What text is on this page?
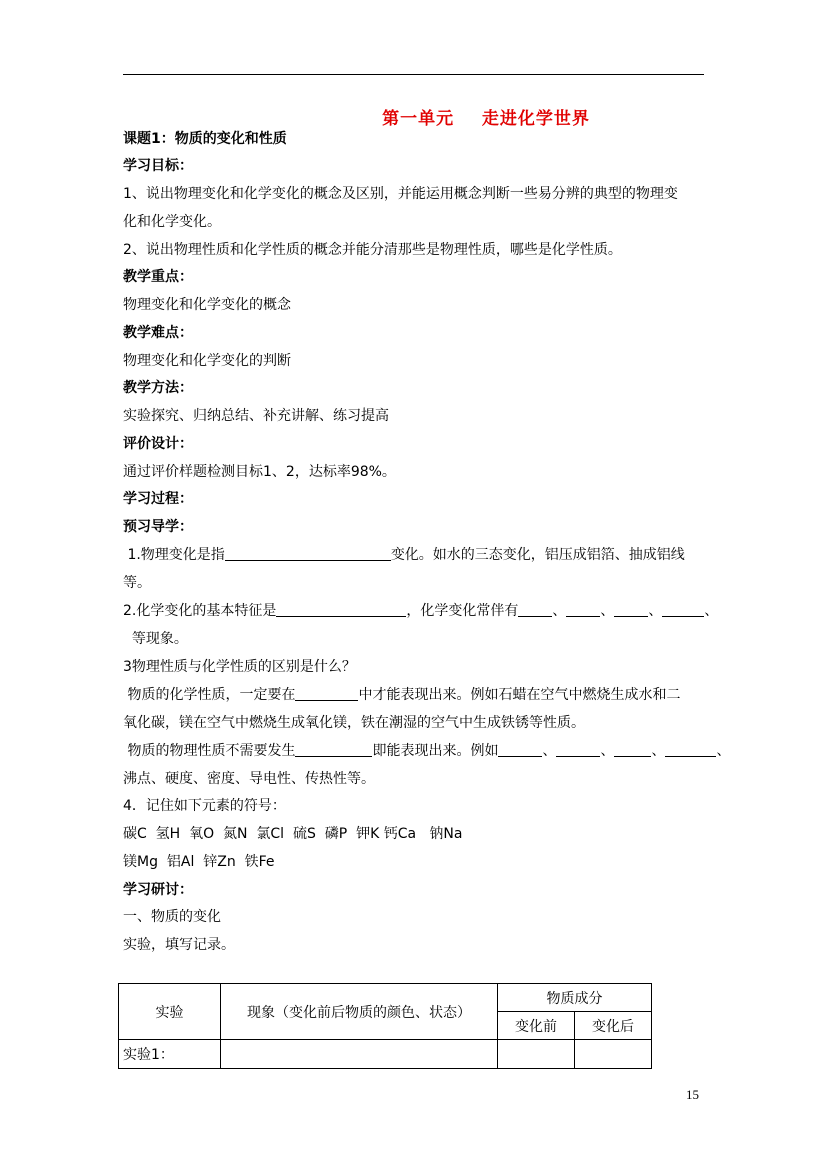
第一单元    走进化学世界
课题1：物质的变化和性质
学习目标：
1、说出物理变化和化学变化的概念及区别，并能运用概念判断一些易分辨的典型的物理变
化和化学变化。
2、说出物理性质和化学性质的概念并能分清那些是物理性质，哪些是化学性质。
教学重点：
物理变化和化学变化的概念
教学难点：
物理变化和化学变化的判断
教学方法：
实验探究、归纳总结、补充讲解、练习提高
评价设计：
通过评价样题检测目标1、2，达标率98%。
学习过程：
预习导学：
1.物理变化是指	变化。如水的三态变化，铝压成铝箔、抽成铝线
等。
2.化学变化的基本特征是	，化学变化常伴有 、 、 、	、
等现象。
3物理性质与化学性质的区别是什么？
物质的化学性质，一定要在	中才能表现出来。例如石蜡在空气中燃烧生成水和二
氧化碳，镁在空气中燃烧生成氧化镁，铁在潮湿的空气中生成铁锈等性质。
物质的物理性质不需要发生	即能表现出来。例如	、	、	、	、
沸点、硬度、密度、导电性、传热性等。
4．记住如下元素的符号：
碳C  氢H  氧O  氮N  氯Cl  硫S  磷P  钾K 钙Ca   钠Na
镁Mg  铝Al  锌Zn  铁Fe
学习研讨：
一、物质的变化
实验，填写记录。
实验	现象（变化前后物质的颜色、状态）	物质成分	
		变化前	变化后
实验1：			
15
